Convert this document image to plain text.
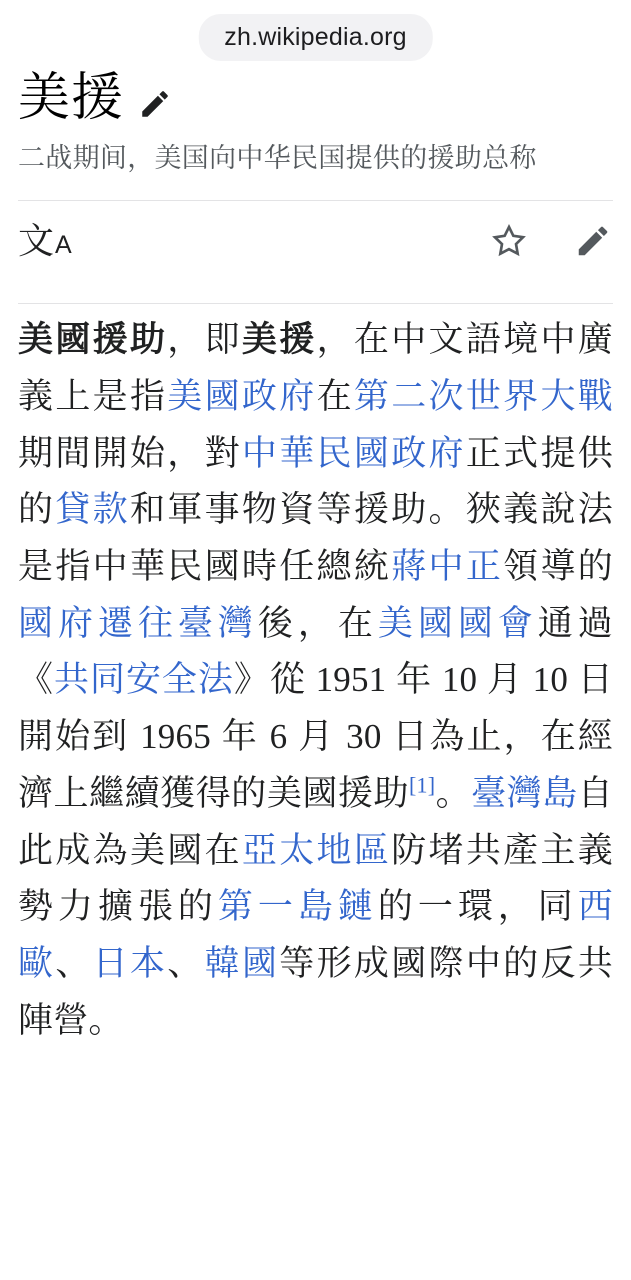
zh.wikipedia.org
美援
二战期间，美国向中华民国提供的援助总称
文 A

美國援助，即美援，在中文語境中廣義上是指美國政府在第二次世界大戰期間開始，對中華民國政府正式提供的貸款和軍事物資等援助。狹義說法是指中華民國時任總統蔣中正領導的國府遷往臺灣後，在美國國會通過《共同安全法》從 1951 年 10 月 10 日開始到 1965 年 6 月 30 日為止，在經濟上繼續獲得的美國援助[1]。臺灣島自此成為美國在亞太地區防堵共產主義勢力擴張的第一島鏈的一環，同西歐、日本、韓國等形成國際中的反共陣營。
